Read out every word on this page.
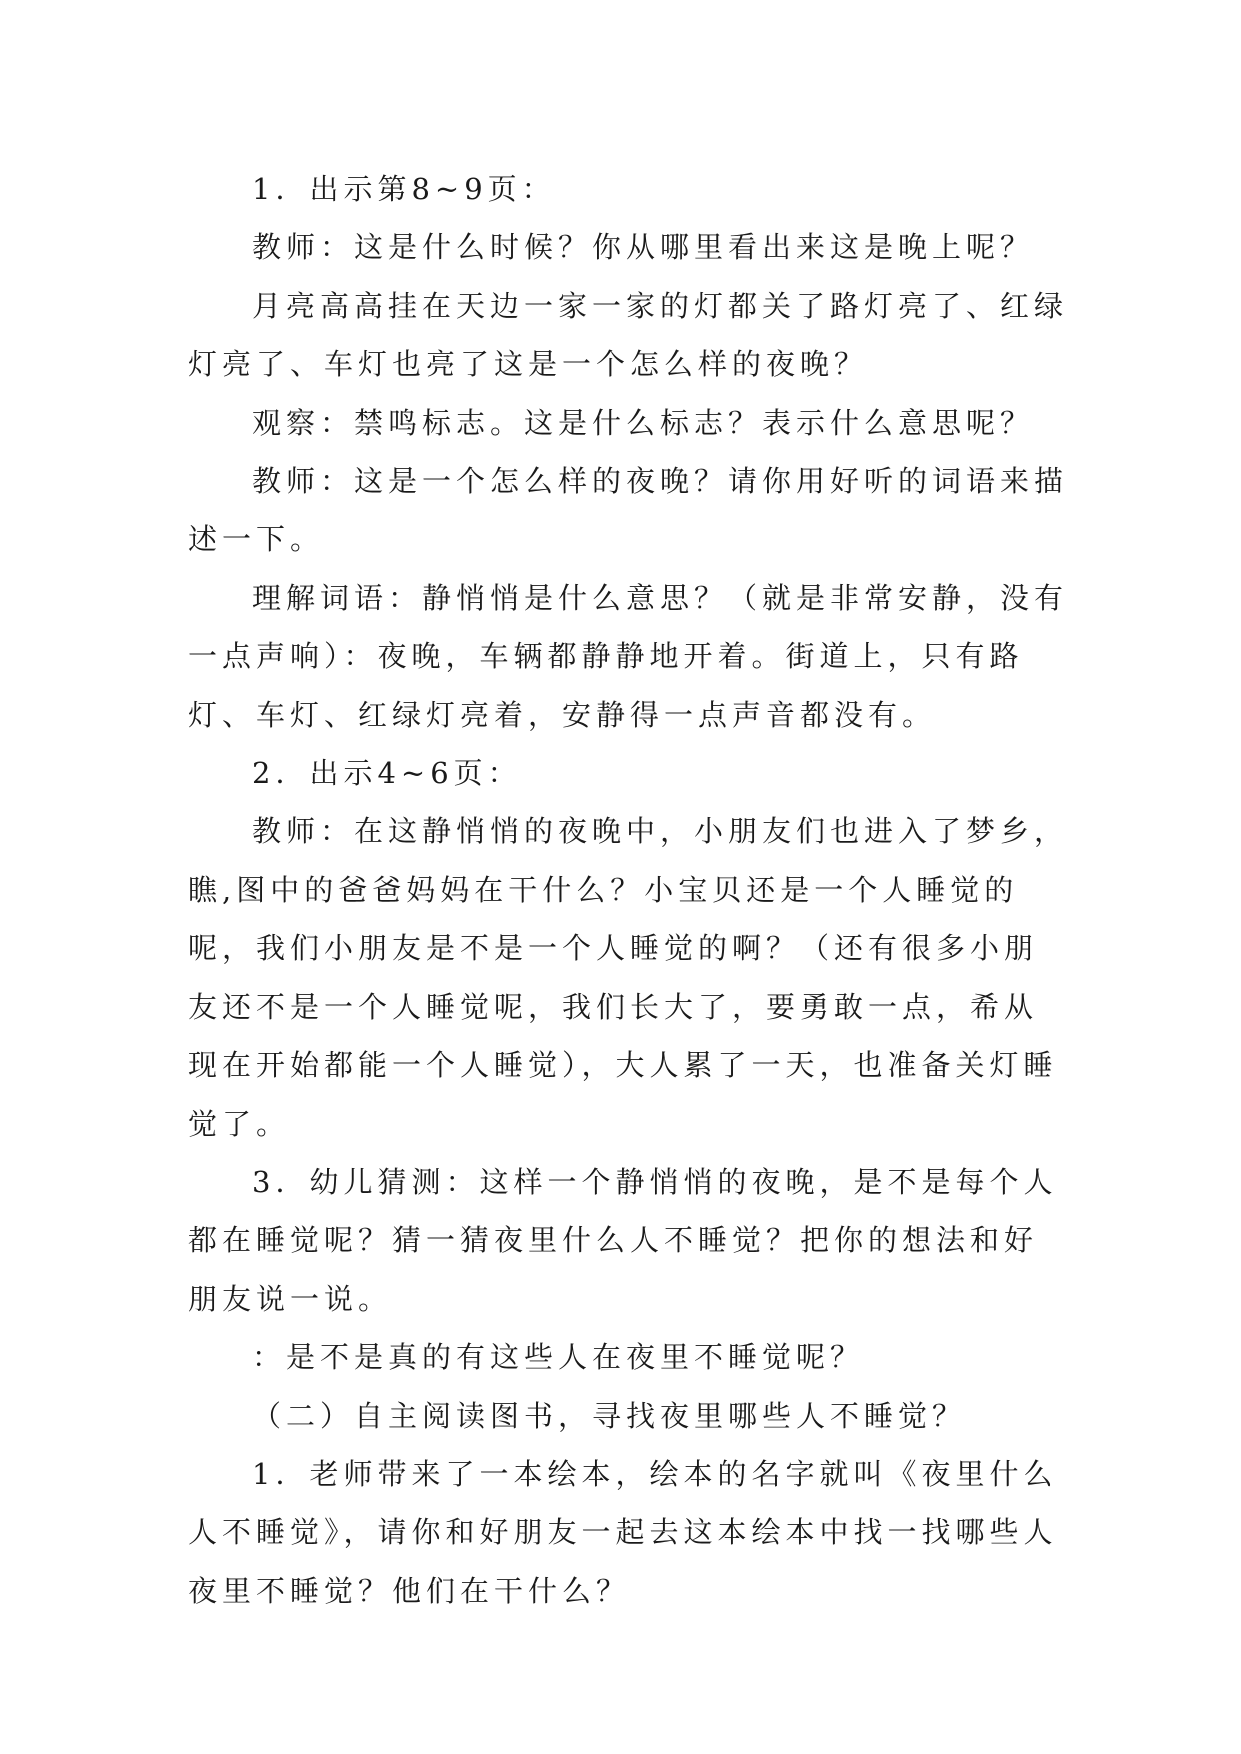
1．出示第8~9页：

教师：这是什么时候？你从哪里看出来这是晚上呢？

月亮高高挂在天边一家一家的灯都关了路灯亮了、红绿灯亮了、车灯也亮了这是一个怎么样的夜晚？

观察：禁鸣标志。这是什么标志？表示什么意思呢？

教师：这是一个怎么样的夜晚？请你用好听的词语来描述一下。

理解词语：静悄悄是什么意思？（就是非常安静，没有一点声响）：夜晚，车辆都静静地开着。街道上，只有路灯、车灯、红绿灯亮着，安静得一点声音都没有。

2．出示4~6页：

教师：在这静悄悄的夜晚中，小朋友们也进入了梦乡，瞧,图中的爸爸妈妈在干什么？小宝贝还是一个人睡觉的呢，我们小朋友是不是一个人睡觉的啊？（还有很多小朋友还不是一个人睡觉呢，我们长大了，要勇敢一点，希从现在开始都能一个人睡觉），大人累了一天，也准备关灯睡觉了。

3．幼儿猜测：这样一个静悄悄的夜晚，是不是每个人都在睡觉呢？猜一猜夜里什么人不睡觉？把你的想法和好朋友说一说。

：是不是真的有这些人在夜里不睡觉呢？

（二）自主阅读图书，寻找夜里哪些人不睡觉？

1．老师带来了一本绘本，绘本的名字就叫《夜里什么人不睡觉》，请你和好朋友一起去这本绘本中找一找哪些人夜里不睡觉？他们在干什么？
